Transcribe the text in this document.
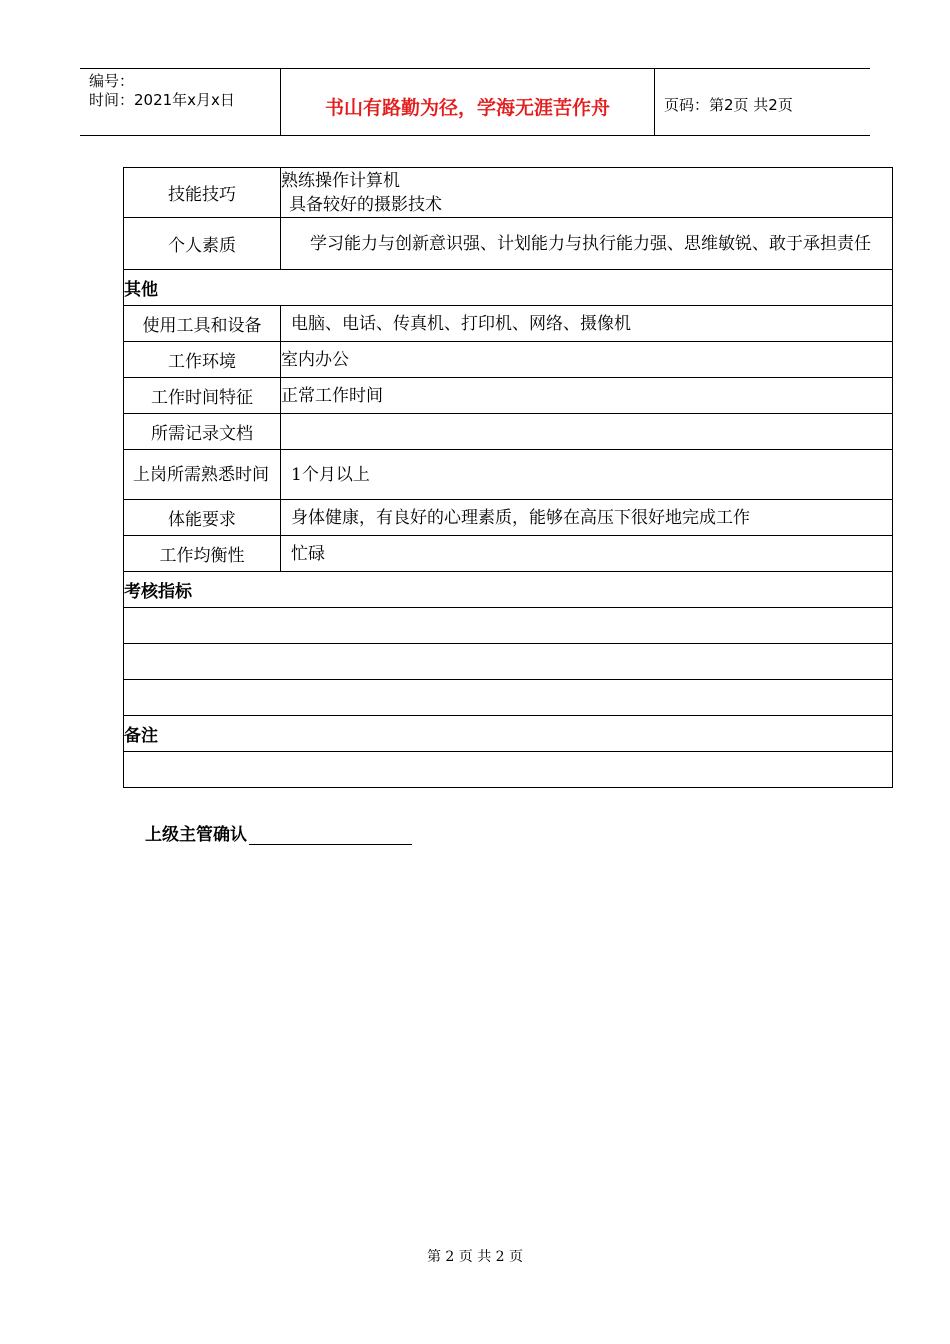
编号：
时间：2021年x月x日	书山有路勤为径，学海无涯苦作舟	页码：第2页 共2页
技能技巧	熟练操作计算机
具备较好的摄影技术

个人素质	学习能力与创新意识强、计划能力与执行能力强、思维敏锐、敢于承担责任

其他	
使用工具和设备	电脑、电话、传真机、打印机、网络、摄像机
工作环境	室内办公
工作时间特征	正常工作时间
所需记录文档	
上岗所需熟悉时间	1个月以上
体能要求	身体健康，有良好的心理素质，能够在高压下很好地完成工作
工作均衡性	忙碌
考核指标	

备注	

上级主管确认
第 2 页 共 2 页
